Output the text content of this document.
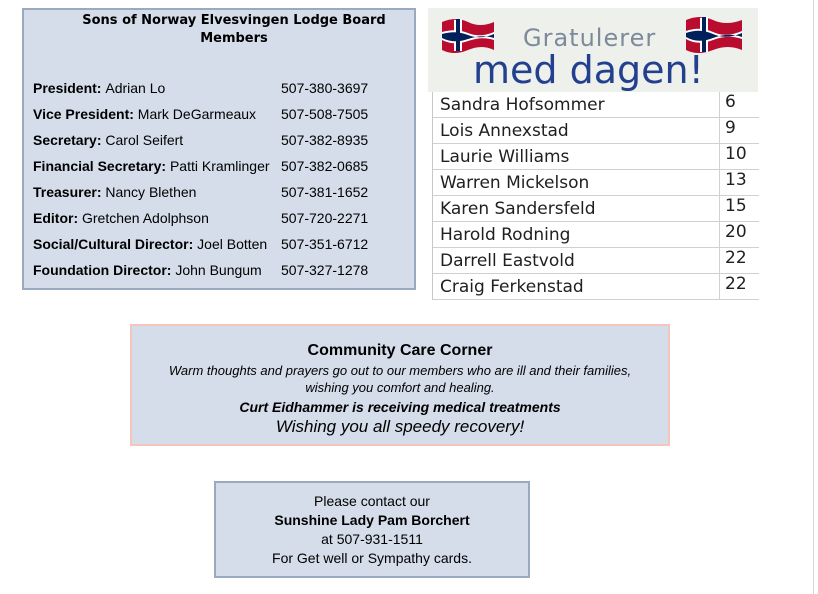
Sons of Norway Elvesvingen Lodge Board Members
President: Adrian Lo	507-380-3697
Vice President: Mark DeGarmeaux 507-508-7505
Secretary: Carol Seifert	507-382-8935
Financial Secretary: Patti Kramlinger 507-382-0685
Treasurer: Nancy Blethen	507-381-1652
Editor: Gretchen Adolphson	507-720-2271
Social/Cultural Director: Joel Botten 507-351-6712
Foundation Director: John Bungum 507-327-1278
Gratulerer
med dagen!
Sandra Hofsommer	6
Lois Annexstad	9
Laurie Williams	10
Warren Mickelson	13
Karen Sandersfeld	15
Harold Rodning	20
Darrell Eastvold	22
Craig Ferkenstad	22
Community Care Corner
Warm thoughts and prayers go out to our members who are ill and their families,
wishing you comfort and healing.
Curt Eidhammer is receiving medical treatments
Wishing you all speedy recovery!
Please contact our
Sunshine Lady Pam Borchert
at 507-931-1511
For Get well or Sympathy cards.
